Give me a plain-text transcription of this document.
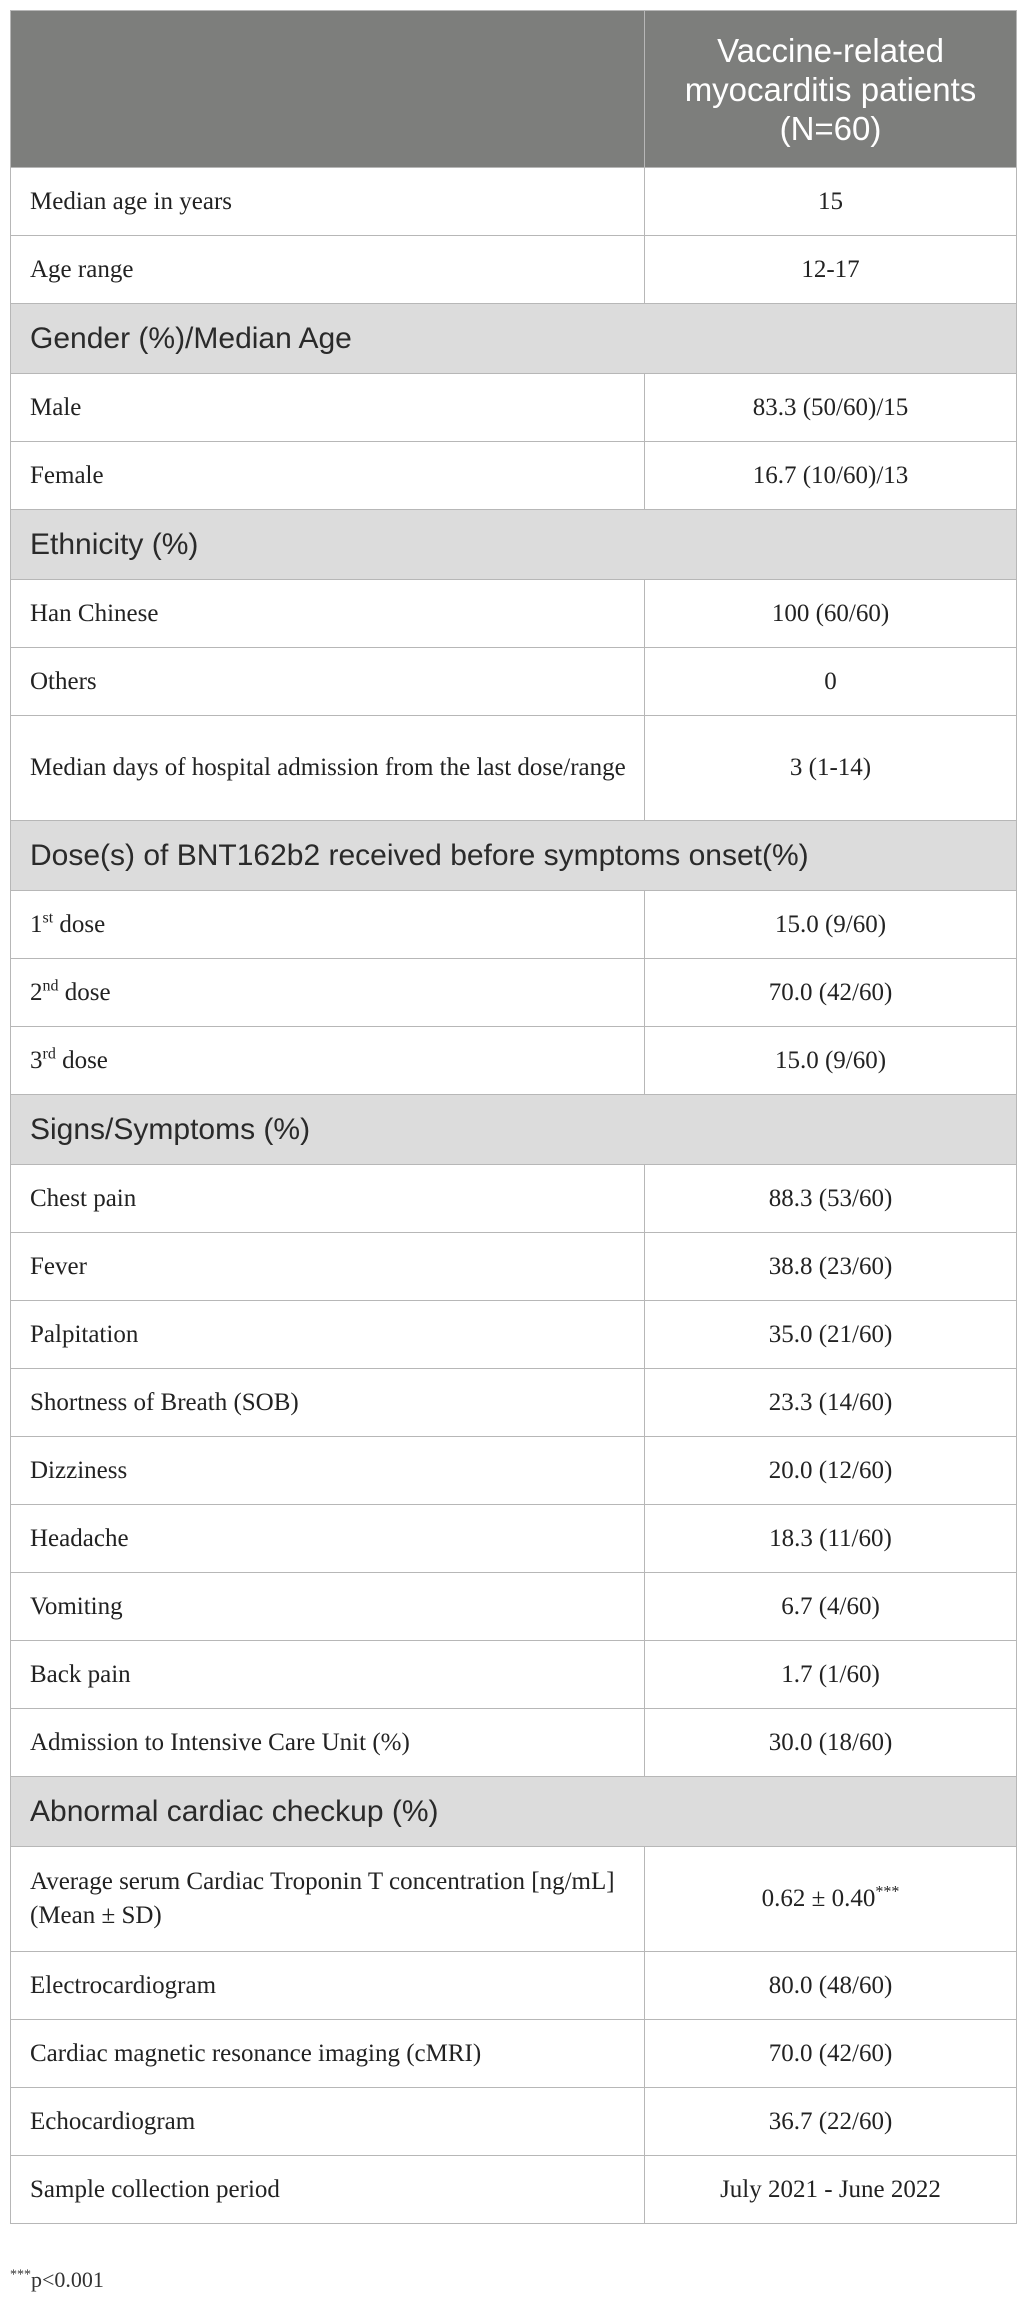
	Vaccine-related myocarditis patients (N=60)
Median age in years	15
Age range	12-17
Gender (%)/Median Age	
Male	83.3 (50/60)/15
Female	16.7 (10/60)/13
Ethnicity (%)	
Han Chinese	100 (60/60)
Others	0
Median days of hospital admission from the last dose/range	3 (1-14)
Dose(s) of BNT162b2 received before symptoms onset(%)	
1st dose	15.0 (9/60)
2nd dose	70.0 (42/60)
3rd dose	15.0 (9/60)
Signs/Symptoms (%)	
Chest pain	88.3 (53/60)
Fever	38.8 (23/60)
Palpitation	35.0 (21/60)
Shortness of Breath (SOB)	23.3 (14/60)
Dizziness	20.0 (12/60)
Headache	18.3 (11/60)
Vomiting	6.7 (4/60)
Back pain	1.7 (1/60)
Admission to Intensive Care Unit (%)	30.0 (18/60)
Abnormal cardiac checkup (%)	
Average serum Cardiac Troponin T concentration [ng/mL] (Mean ± SD)	0.62 ± 0.40***
Electrocardiogram	80.0 (48/60)
Cardiac magnetic resonance imaging (cMRI)	70.0 (42/60)
Echocardiogram	36.7 (22/60)
Sample collection period	July 2021 - June 2022
***p<0.001
